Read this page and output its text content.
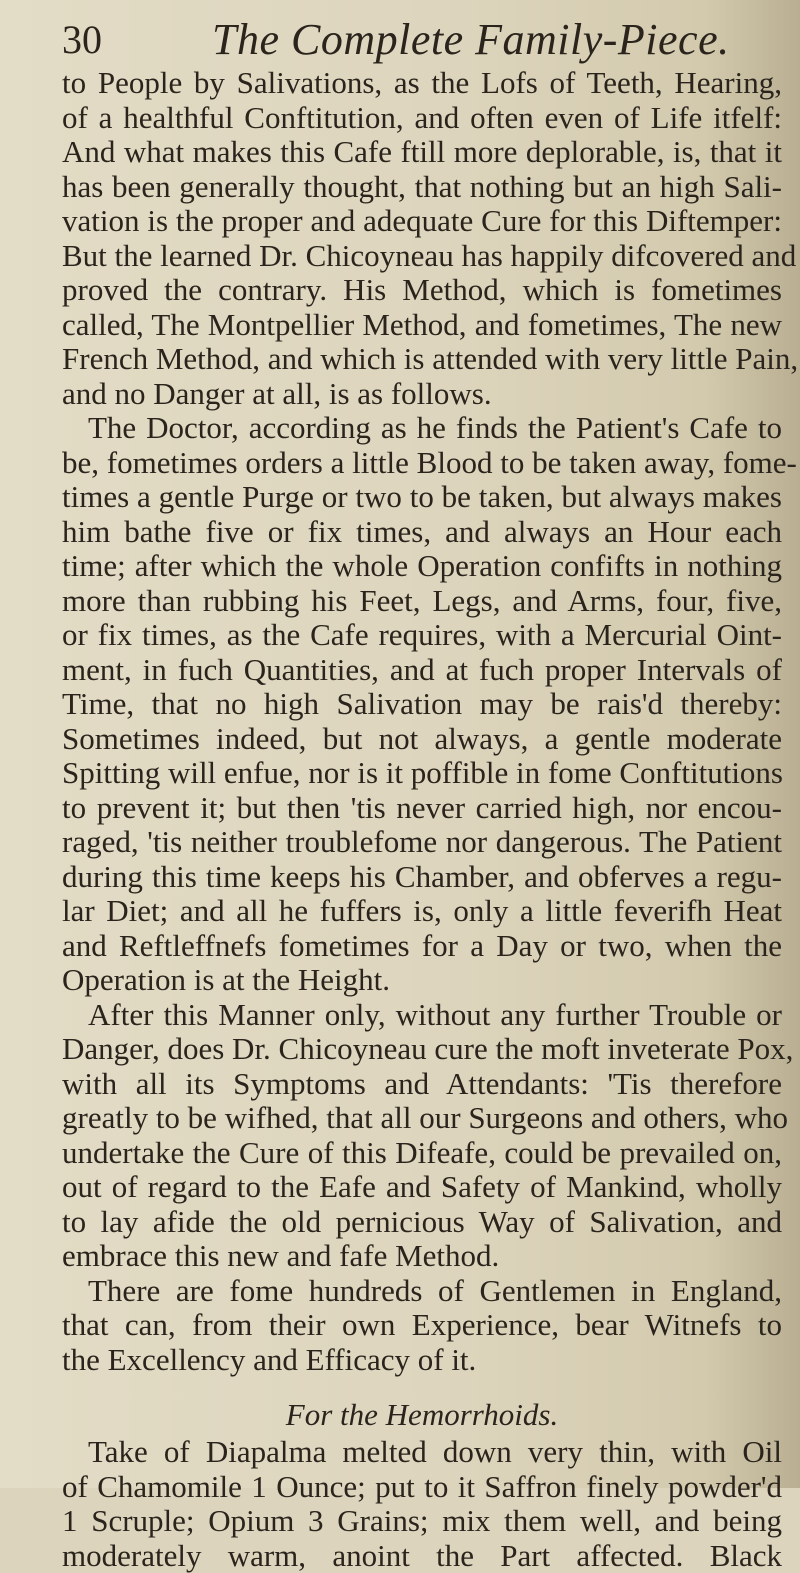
30	The Complete Family-Piece.
to People by Salivations, as the Lofs of Teeth, Hearing,
of a healthful Conftitution, and often even of Life itfelf:
And what makes this Cafe ftill more deplorable, is, that it
has been generally thought, that nothing but an high Sali-
vation is the proper and adequate Cure for this Diftemper:
But the learned Dr. Chicoyneau has happily difcovered and
proved the contrary. His Method, which is fometimes
called, The Montpellier Method, and fometimes, The new
French Method, and which is attended with very little Pain,
and no Danger at all, is as follows.
The Doctor, according as he finds the Patient's Cafe to
be, fometimes orders a little Blood to be taken away, fome-
times a gentle Purge or two to be taken, but always makes
him bathe five or fix times, and always an Hour each
time; after which the whole Operation confifts in nothing
more than rubbing his Feet, Legs, and Arms, four, five,
or fix times, as the Cafe requires, with a Mercurial Oint-
ment, in fuch Quantities, and at fuch proper Intervals of
Time, that no high Salivation may be rais'd thereby:
Sometimes indeed, but not always, a gentle moderate
Spitting will enfue, nor is it poffible in fome Conftitutions
to prevent it; but then 'tis never carried high, nor encou-
raged, 'tis neither troublefome nor dangerous. The Patient
during this time keeps his Chamber, and obferves a regu-
lar Diet; and all he fuffers is, only a little feverifh Heat
and Reftleffnefs fometimes for a Day or two, when the
Operation is at the Height.
After this Manner only, without any further Trouble or
Danger, does Dr. Chicoyneau cure the moft inveterate Pox,
with all its Symptoms and Attendants: 'Tis therefore
greatly to be wifhed, that all our Surgeons and others, who
undertake the Cure of this Difeafe, could be prevailed on,
out of regard to the Eafe and Safety of Mankind, wholly
to lay afide the old pernicious Way of Salivation, and
embrace this new and fafe Method.
There are fome hundreds of Gentlemen in England,
that can, from their own Experience, bear Witnefs to
the Excellency and Efficacy of it.
For the Hemorrhoids.
Take of Diapalma melted down very thin, with Oil
of Chamomile 1 Ounce; put to it Saffron finely powder'd
1 Scruple; Opium 3 Grains; mix them well, and being
moderately warm, anoint the Part affected. Black
